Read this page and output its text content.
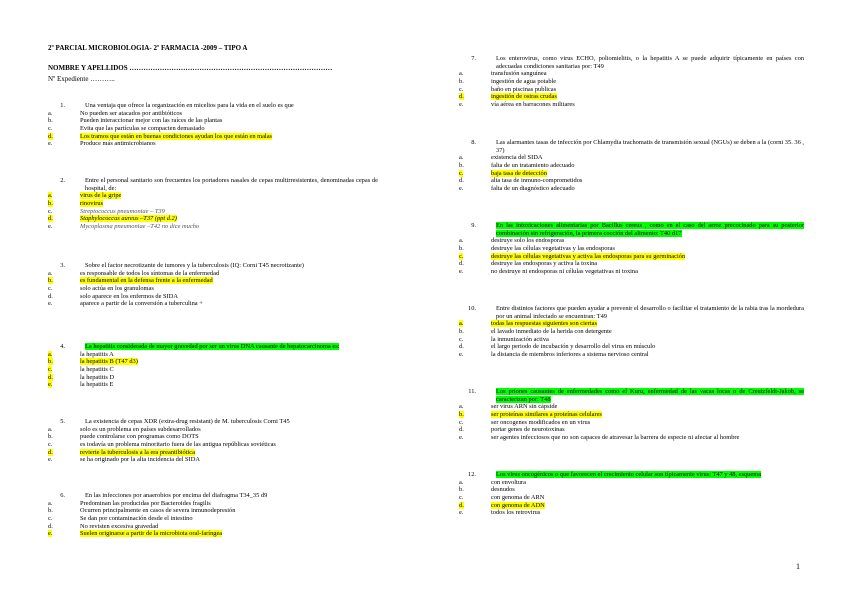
2º PARCIAL MICROBIOLOGIA- 2º FARMACIA -2009 – TIPO A
NOMBRE Y APELLIDOS ……………………………………………………………………………
Nº Expediente ………..
1.	Una ventaja que ofrece la organización en micelios para la vida en el suelo es que
a.	No pueden ser atacados por antibióticos
b.	Pueden interaccionar mejor con las raíces de las plantas
c.	Evita que las partículas se compacten demasiado
d.	Los tramos que están en buenas condiciones ayudan los que están en malas
e.	Produce más antimicrobianos
2.	Entre el personal sanitario son frecuentes los portadores nasales de cepas multirresistentes, denominadas cepas de hospital, de:
a.	virus de la gripe
b.	rinovirus
c.	Streptococcus pneumoniae – T39
d.	Staphylococcus aureus –T37 (ppt d.2)
e.	Mycoplasma pneumoniae –T42 no dice mucho
3.	Sobre el factor necrotizante de tumores y la tuberculosis (IQ: Corni T45 necrotizante)
a.	es responsable de todos los síntomas de la enfermedad
b.	es fundamental en la defensa frente a la enfermedad
c.	solo actúa en los granulomas
d.	solo aparece en los enfermos de SIDA
e.	aparece a partir de la conversión a tuberculina +
4.	La hepatitis considerada de mayor gravedad por ser un virus DNA causante de hepatocarcinoma es:
a.	la hepatitis A
b.	la hepatitis B (T47 d3)
c.	la hepatitis C
d.	la hepatitis D
e.	la hepatitis E
5.	La existencia de cepas XDR (extra-drug resistant) de M. tuberculosis Corni T45
a.	solo es un problema en países subdesarrollados
b.	puede controlarse con programas como DOTS
c.	es todavía un problema minoritario fuera de las antigua repúblicas soviéticas
d.	revierte la tuberculosis a la era preantibiótica
e.	se ha originado por la alta incidencia del SIDA
6.	En las infecciones por anaerobios por encima del diafragma T34_35 d9
a.	Predominan las producidas por Bacteroides fragilis
b.	Ocurren principalmente en casos de severa inmunodepresión
c.	Se dan por contaminación desde el intestino
d.	No revisten excesiva gravedad
e.	Suelen originarse a partir de la microbiota oral-faríngea
7.	Los enterovirus, como virus ECHO, poliomielitis, o la hepatitis A se puede adquirir típicamente en países con adecuadas condiciones sanitarias por: T49
a.	transfusión sanguínea
b.	ingestión de agua potable
c.	baño en piscinas publicas
d.	ingestión de ostras crudas
e.	vía aérea en barracones militares
8.	Las alarmantes tasas de infección por Chlamydia trachomatis de transmisión sexual (NGUs) se deben a la (corni 35. 36 , 37)
a.	existencia del SIDA
b.	falta de un tratamiento adecuado
c.	baja tasa de detección
d.	alta tasa de inmuno-comprometidos
e.	falta de un diagnóstico adecuado
9.	En las intoxicaciones alimentarias por Bacillus cereus , como en el caso del arroz precocinado para su posterior combinación sin refrigeración, la primera cocción del alimento: T40 d17
a.	destruye solo los endosporas
b.	destruye las células vegetativas y las endosporas
c.	destruye las células vegetativas y activa las endosporas para su germinación
d.	destruye las endosporas y activa la toxina
e.	no destruye ni endosporas ni células vegetativas ni toxina
10.	Entre distintos factores que pueden ayudar a prevenir el desarrollo o facilitar el tratamiento de la rabia tras la mordedura por un animal infectado se encuentran: T49
a.	todas las respuestas siguientes son ciertas
b.	el lavado inmediato de la herida con detergente
c.	la inmunización activa
d.	el largo periodo de incubación y desarrollo del virus en músculo
e.	la distancia de miembros inferiores a sistema nervioso central
11.	Los priones causantes de enfermedades como el Kuru, enfermedad de las vacas locas o de Creutzfeldt-Jakob, se caracterizan por: T48
a.	ser virus ARN sin cápside
b.	ser proteínas similares a proteínas celulares
c.	ser oncogenes modificados en un virus
d.	portar genes de neurotoxinas
e.	ser agentes infecciosos que no son capaces de atravesar la barrera de especie ni afectar al hombre
12.	Los virus oncogénicos o que favorecen el crecimiento celular son típicamente virus: T47 y 48, esquema
a.	con envoltura
b.	desnudos
c.	con genoma de ARN
d.	con genoma de ADN
e.	todos los retrovirus
1
